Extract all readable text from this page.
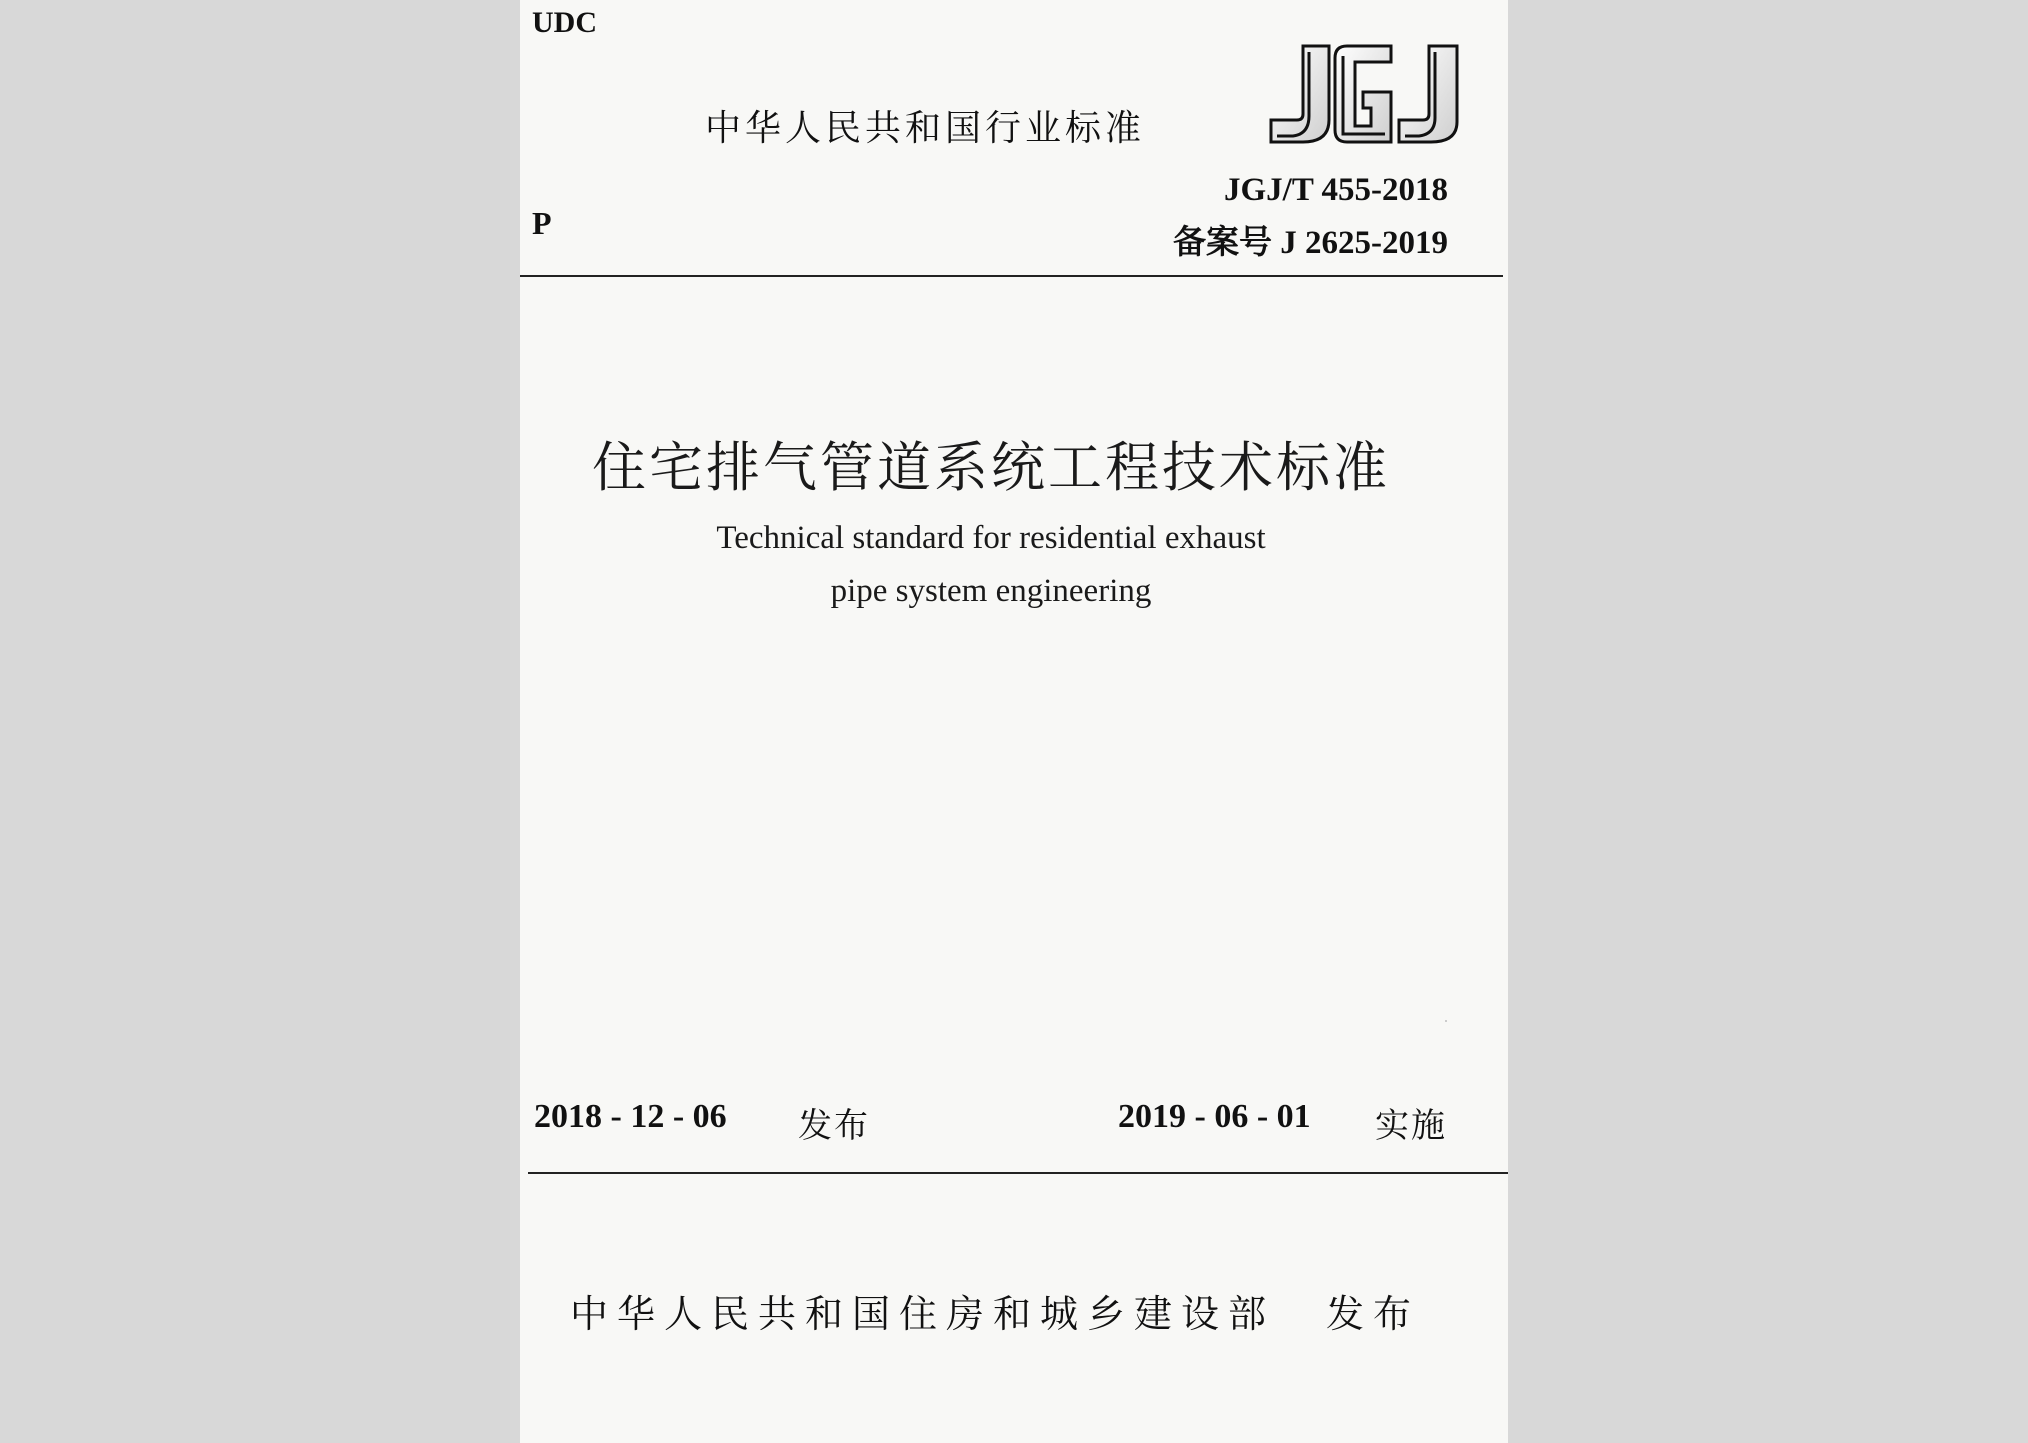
UDC
中华人民共和国行业标准
P
JGJ/T 455-2018
备案号 J 2625-2019
住宅排气管道系统工程技术标准
Technical standard for residential exhaust
pipe system engineering
2018 - 12 - 06 发布	2019 - 06 - 01 实施
中华人民共和国住房和城乡建设部 发布
